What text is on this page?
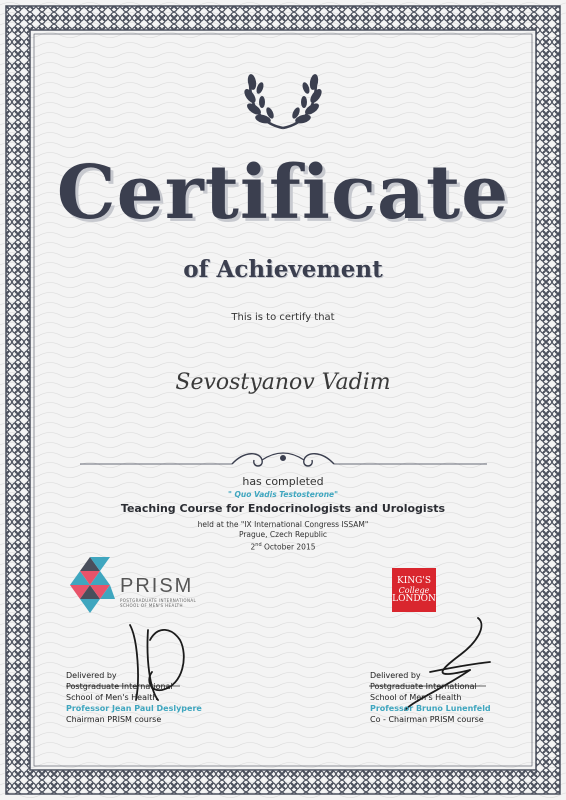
Certificate
of Achievement
This is to certify that
Sevostyanov Vadim
has completed
" Quo Vadis Testosterone"
Teaching Course for Endocrinologists and Urologists
held at the "IX International Congress ISSAM"
Prague, Czech Republic
2nd October 2015
PRISM
POSTGRADUATE INTERNATIONAL SCHOOL OF MEN'S HEALTH
KING'S
College
LONDON
Delivered by
Postgraduate International
School of Men's Health
Professor Jean Paul Deslypere
Chairman PRISM course
Delivered by
Postgraduate International
School of Men's Health
Professor Bruno Lunenfeld
Co - Chairman PRISM course
